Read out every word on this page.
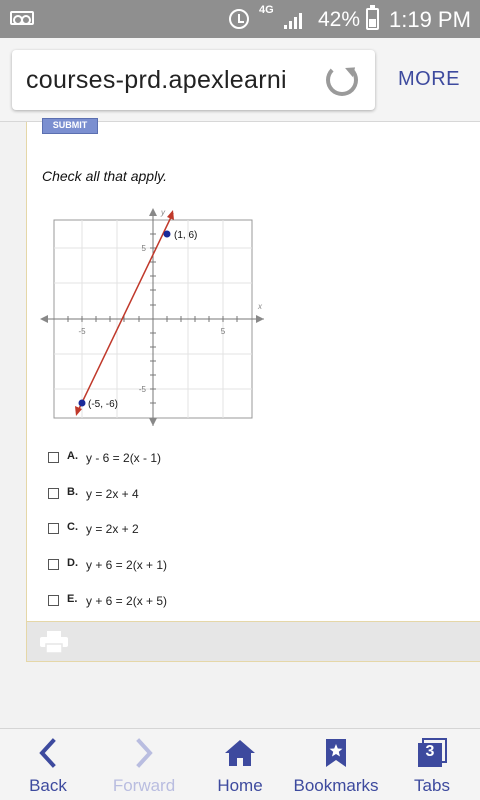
4G 42% 1:19 PM
courses-prd.apexlearni	MORE
SUBMIT
Check all that apply.
-5	5
5
-5
x
y
(1, 6)
(-5, -6)
A. y - 6 = 2(x - 1)
B. y = 2x + 4
C. y = 2x + 2
D. y + 6 = 2(x + 1)
E. y + 6 = 2(x + 5)
Back	Forward	Home	Bookmarks
3
Tabs
